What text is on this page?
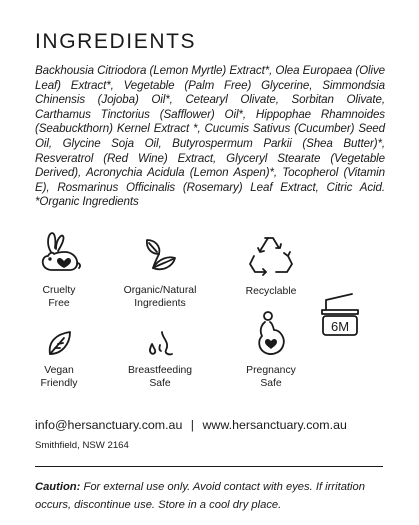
INGREDIENTS

Backhousia Citriodora (Lemon Myrtle) Extract*, Olea Europaea (Olive Leaf) Extract*, Vegetable (Palm Free) Glycerine, Simmondsia Chinensis (Jojoba) Oil*, Cetearyl Olivate, Sorbitan Olivate, Carthamus Tinctorius (Safflower) Oil*, Hippophae Rhamnoides (Seabuckthorn) Kernel Extract *, Cucumis Sativus (Cucumber) Seed Oil, Glycine Soja Oil, Butyrospermum Parkii (Shea Butter)*, Resveratrol (Red Wine) Extract, Glyceryl Stearate (Vegetable Derived), Acronychia Acidula (Lemon Aspen)*, Tocopherol (Vitamin E), Rosmarinus Officinalis (Rosemary) Leaf Extract, Citric Acid. *Organic Ingredients

Cruelty
Free
Organic/Natural
Ingredients
Recyclable
6M
Vegan
Friendly
Breastfeeding
Safe
Pregnancy
Safe
info@hersanctuary.com.au | www.hersanctuary.com.au
Smithfield, NSW 2164
Caution: For external use only. Avoid contact with eyes. If irritation occurs, discontinue use. Store in a cool dry place.
